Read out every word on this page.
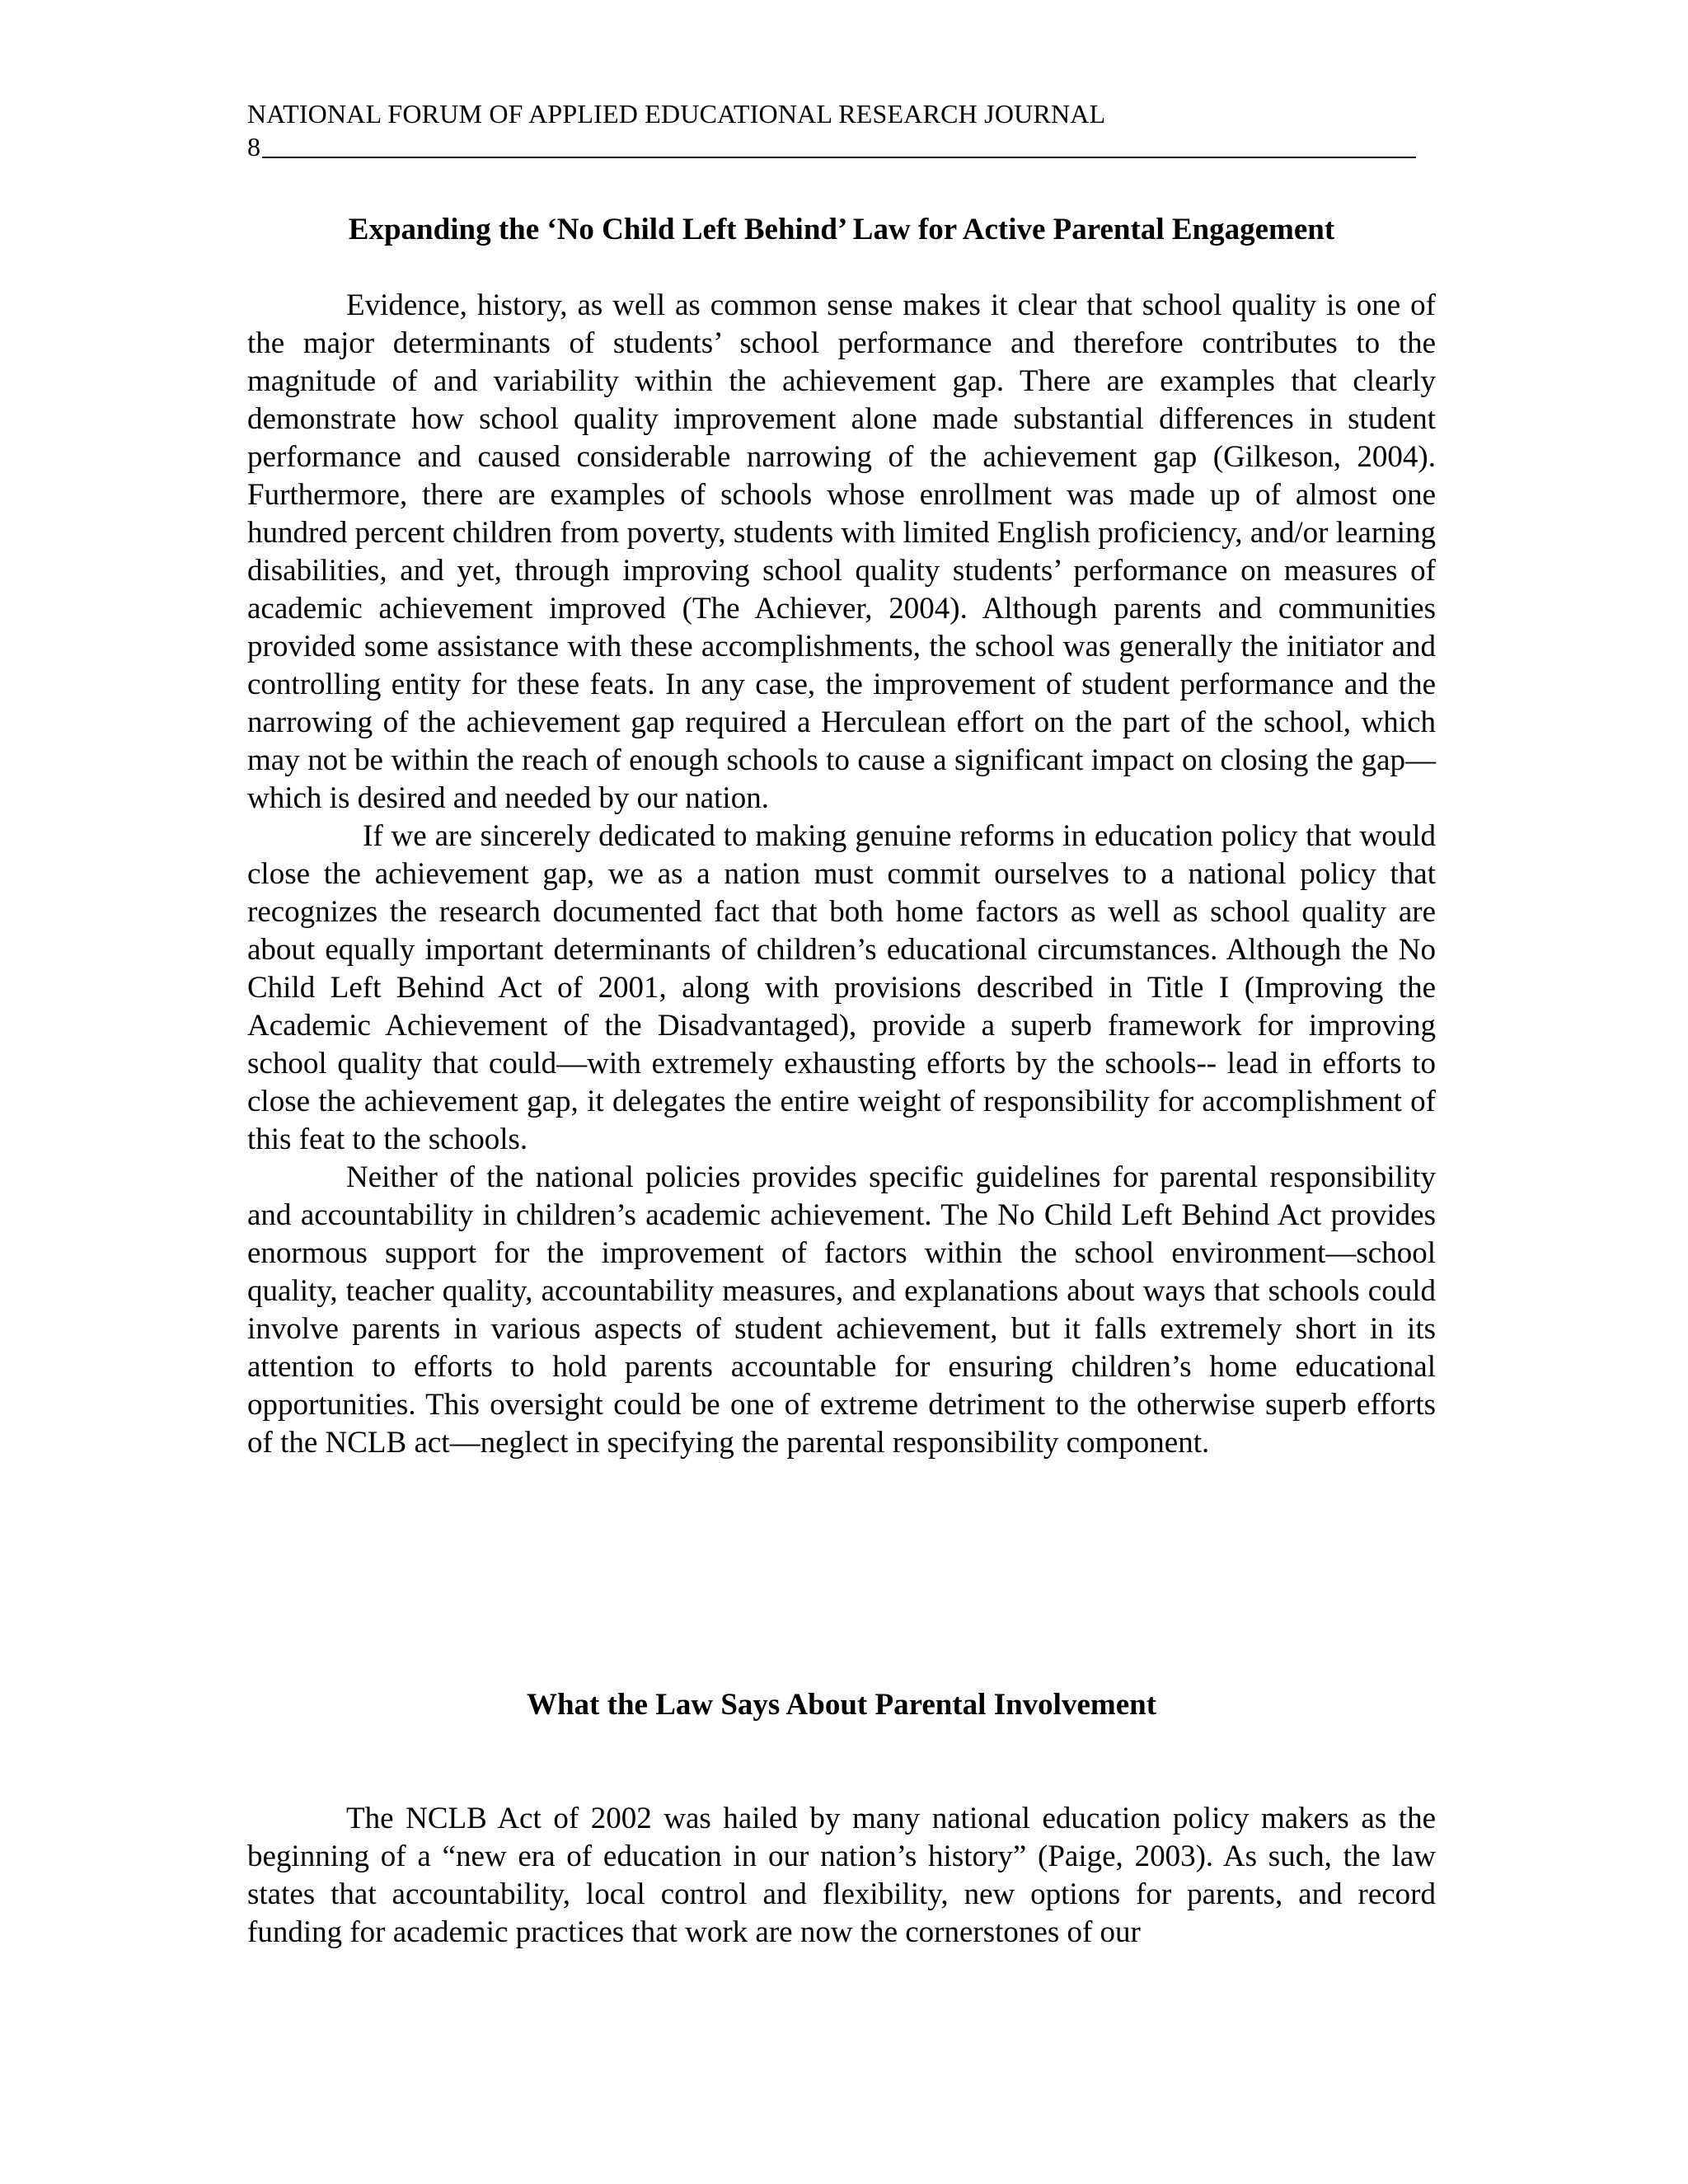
NATIONAL FORUM OF APPLIED EDUCATIONAL RESEARCH JOURNAL
8
Expanding the ‘No Child Left Behind’ Law for Active Parental Engagement

Evidence, history, as well as common sense makes it clear that school quality is one of the major determinants of students’ school performance and therefore contributes to the magnitude of and variability within the achievement gap. There are examples that clearly demonstrate how school quality improvement alone made substantial differences in student performance and caused considerable narrowing of the achievement gap (Gilkeson, 2004). Furthermore, there are examples of schools whose enrollment was made up of almost one hundred percent children from poverty, students with limited English proficiency, and/or learning disabilities, and yet, through improving school quality students’ performance on measures of academic achievement improved (The Achiever, 2004). Although parents and communities provided some assistance with these accomplishments, the school was generally the initiator and controlling entity for these feats. In any case, the improvement of student performance and the narrowing of the achievement gap required a Herculean effort on the part of the school, which may not be within the reach of enough schools to cause a significant impact on closing the gap—which is desired and needed by our nation.

If we are sincerely dedicated to making genuine reforms in education policy that would close the achievement gap, we as a nation must commit ourselves to a national policy that recognizes the research documented fact that both home factors as well as school quality are about equally important determinants of children’s educational circumstances. Although the No Child Left Behind Act of 2001, along with provisions described in Title I (Improving the Academic Achievement of the Disadvantaged), provide a superb framework for improving school quality that could—with extremely exhausting efforts by the schools-- lead in efforts to close the achievement gap, it delegates the entire weight of responsibility for accomplishment of this feat to the schools.

Neither of the national policies provides specific guidelines for parental responsibility and accountability in children’s academic achievement. The No Child Left Behind Act provides enormous support for the improvement of factors within the school environment—school quality, teacher quality, accountability measures, and explanations about ways that schools could involve parents in various aspects of student achievement, but it falls extremely short in its attention to efforts to hold parents accountable for ensuring children’s home educational opportunities. This oversight could be one of extreme detriment to the otherwise superb efforts of the NCLB act—neglect in specifying the parental responsibility component.

What the Law Says About Parental Involvement

The NCLB Act of 2002 was hailed by many national education policy makers as the beginning of a “new era of education in our nation’s history” (Paige, 2003). As such, the law states that accountability, local control and flexibility, new options for parents, and record funding for academic practices that work are now the cornerstones of our
